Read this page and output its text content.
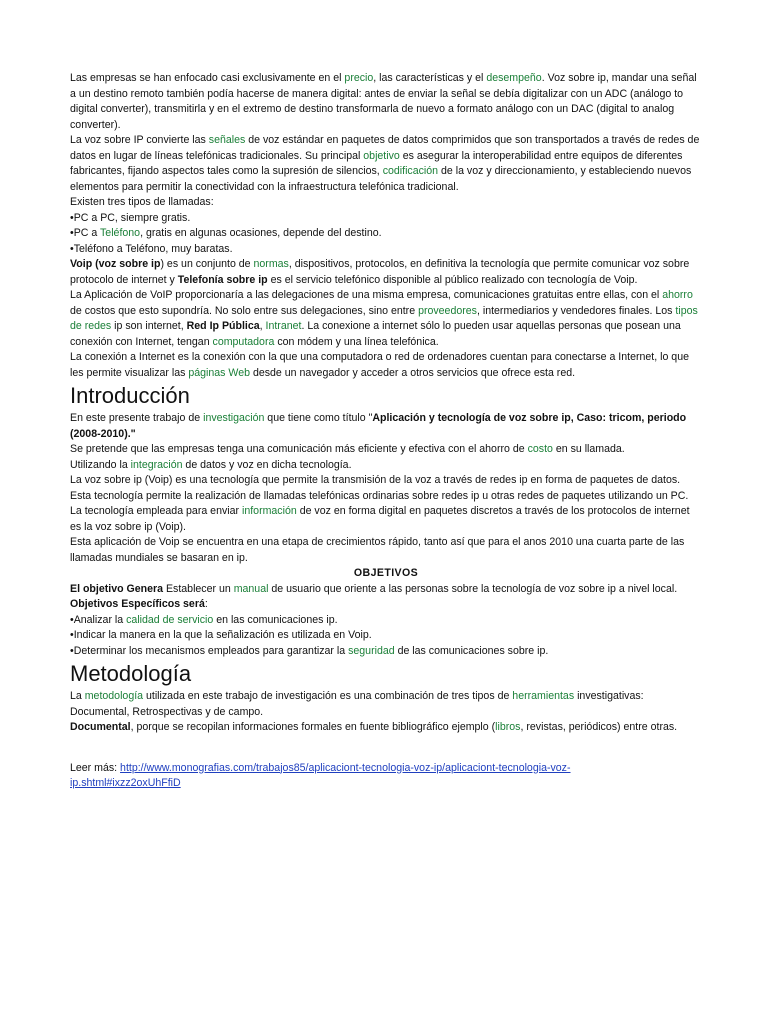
Las empresas se han enfocado casi exclusivamente en el precio, las características y el desempeño. Voz sobre ip, mandar una señal a un destino remoto también podía hacerse de manera digital: antes de enviar la señal se debía digitalizar con un ADC (análogo to digital converter), transmitirla y en el extremo de destino transformarla de nuevo a formato análogo con un DAC (digital to analog converter).

La voz sobre IP convierte las señales de voz estándar en paquetes de datos comprimidos que son transportados a través de redes de datos en lugar de líneas telefónicas tradicionales. Su principal objetivo es asegurar la interoperabilidad entre equipos de diferentes fabricantes, fijando aspectos tales como la supresión de silencios, codificación de la voz y direccionamiento, y estableciendo nuevos elementos para permitir la conectividad con la infraestructura telefónica tradicional.

Existen tres tipos de llamadas:

•PC a PC, siempre gratis.

•PC a Teléfono, gratis en algunas ocasiones, depende del destino.

•Teléfono a Teléfono, muy baratas.

Voip (voz sobre ip) es un conjunto de normas, dispositivos, protocolos, en definitiva la tecnología que permite comunicar voz sobre protocolo de internet y Telefonía sobre ip es el servicio telefónico disponible al público realizado con tecnología de Voip.

La Aplicación de VoIP proporcionaría a las delegaciones de una misma empresa, comunicaciones gratuitas entre ellas, con el ahorro de costos que esto supondría. No solo entre sus delegaciones, sino entre proveedores, intermediarios y vendedores finales. Los tipos de redes ip son internet, Red Ip Pública, Intranet. La conexione a internet sólo lo pueden usar aquellas personas que posean una conexión con Internet, tengan computadora con módem y una línea telefónica.

La conexión a Internet es la conexión con la que una computadora o red de ordenadores cuentan para conectarse a Internet, lo que les permite visualizar las páginas Web desde un navegador y acceder a otros servicios que ofrece esta red.

Introducción

En este presente trabajo de investigación que tiene como título "Aplicación y tecnología de voz sobre ip, Caso: tricom, periodo (2008-2010)."

Se pretende que las empresas tenga una comunicación más eficiente y efectiva con el ahorro de costo en su llamada.

Utilizando la integración de datos y voz en dicha tecnología.

La voz sobre ip (Voip) es una tecnología que permite la transmisión de la voz a través de redes ip en forma de paquetes de datos. Esta tecnología permite la realización de llamadas telefónicas ordinarias sobre redes ip u otras redes de paquetes utilizando un PC.

La tecnología empleada para enviar información de voz en forma digital en paquetes discretos a través de los protocolos de internet es la voz sobre ip (Voip).

Esta aplicación de Voip se encuentra en una etapa de crecimientos rápido, tanto así que para el anos 2010 una cuarta parte de las llamadas mundiales se basaran en ip.

OBJETIVOS

El objetivo Genera Establecer un manual de usuario que oriente a las personas sobre la tecnología de voz sobre ip a nivel local.

Objetivos Específicos será:

•Analizar la calidad de servicio en las comunicaciones ip.

•Indicar la manera en la que la señalización es utilizada en Voip.

•Determinar los mecanismos empleados para garantizar la seguridad de las comunicaciones sobre ip.

Metodología

La metodología utilizada en este trabajo de investigación es una combinación de tres tipos de herramientas investigativas: Documental, Retrospectivas y de campo.

Documental, porque se recopilan informaciones formales en fuente bibliográfico ejemplo (libros, revistas, periódicos) entre otras.

Leer más: http://www.monografias.com/trabajos85/aplicaciont-tecnologia-voz-ip/aplicaciont-tecnologia-voz-
ip.shtml#ixzz2oxUhFfiD
